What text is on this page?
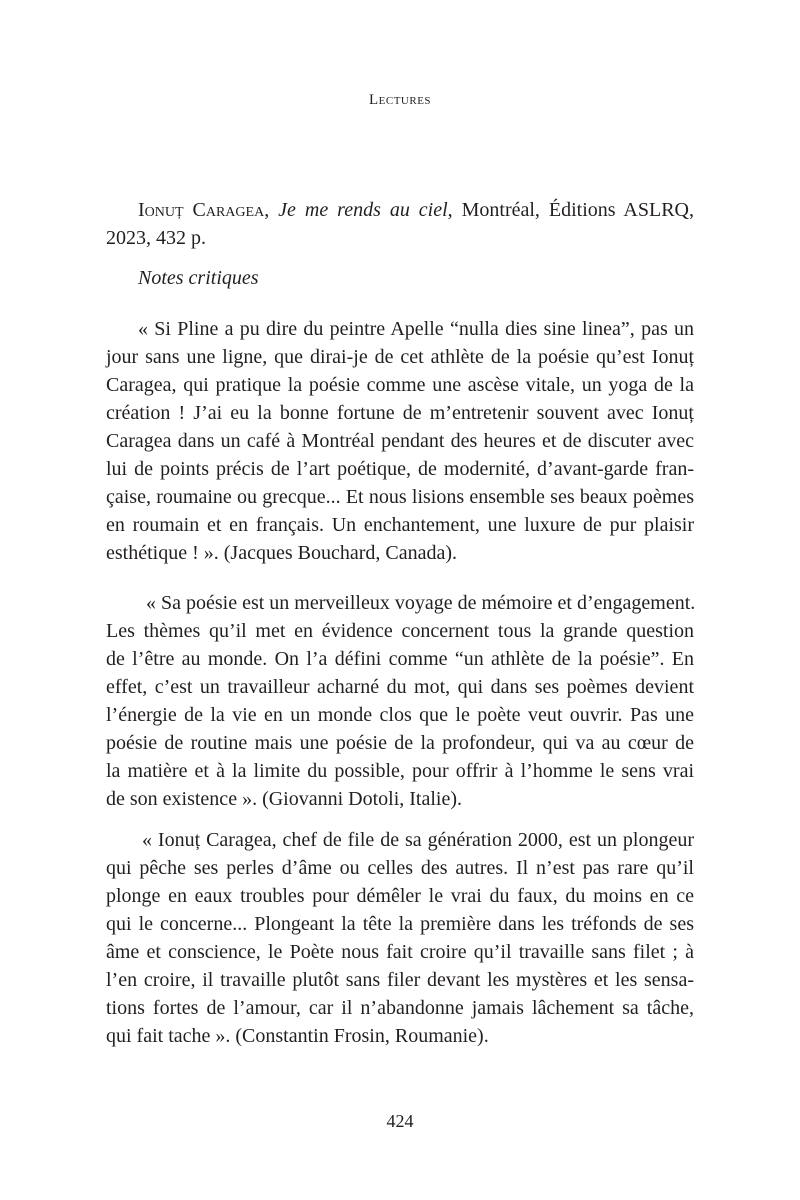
Lectures
Ionuț Caragea, Je me rends au ciel, Montréal, Éditions ASLRQ,
2023, 432 p.
Notes critiques
« Si Pline a pu dire du peintre Apelle “nulla dies sine linea”, pas un
jour sans une ligne, que dirai-je de cet athlète de la poésie qu’est Ionuț
Caragea, qui pratique la poésie comme une ascèse vitale, un yoga de la
création ! J’ai eu la bonne fortune de m’entretenir souvent avec Ionuț
Caragea dans un café à Montréal pendant des heures et de discuter avec
lui de points précis de l’art poétique, de modernité, d’avant-garde fran-
çaise, roumaine ou grecque... Et nous lisions ensemble ses beaux poèmes
en roumain et en français. Un enchantement, une luxure de pur plaisir
esthétique ! ». (Jacques Bouchard, Canada).
« Sa poésie est un merveilleux voyage de mémoire et d’engagement.
Les thèmes qu’il met en évidence concernent tous la grande question
de l’être au monde. On l’a défini comme “un athlète de la poésie”. En
effet, c’est un travailleur acharné du mot, qui dans ses poèmes devient
l’énergie de la vie en un monde clos que le poète veut ouvrir. Pas une
poésie de routine mais une poésie de la profondeur, qui va au cœur de
la matière et à la limite du possible, pour offrir à l’homme le sens vrai
de son existence ». (Giovanni Dotoli, Italie).
« Ionuț Caragea, chef de file de sa génération 2000, est un plongeur
qui pêche ses perles d’âme ou celles des autres. Il n’est pas rare qu’il
plonge en eaux troubles pour démêler le vrai du faux, du moins en ce
qui le concerne... Plongeant la tête la première dans les tréfonds de ses
âme et conscience, le Poète nous fait croire qu’il travaille sans filet ; à
l’en croire, il travaille plutôt sans filer devant les mystères et les sensa-
tions fortes de l’amour, car il n’abandonne jamais lâchement sa tâche,
qui fait tache ». (Constantin Frosin, Roumanie).
424
